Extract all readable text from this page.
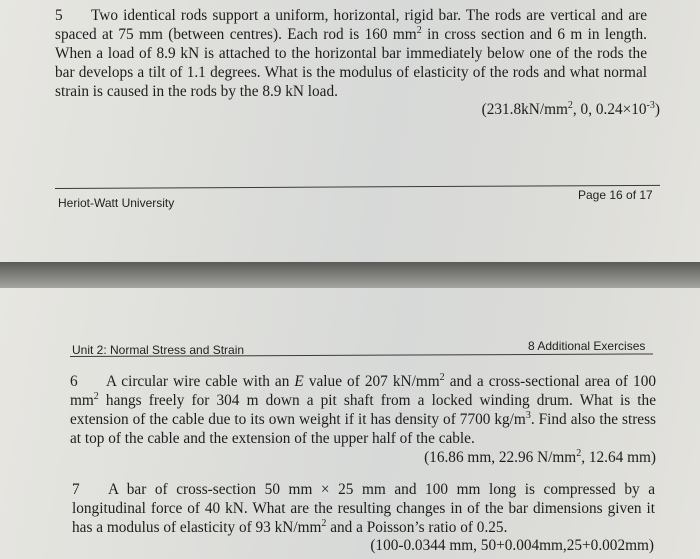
5 Two identical rods support a uniform, horizontal, rigid bar. The rods are vertical and are spaced at 75 mm (between centres). Each rod is 160 $mm^2$ in cross section and 6 m in length. When a load of 8.9 kN is attached to the horizontal bar immediately below one of the rods the bar develops a tilt of 1.1 degrees. What is the modulus of elasticity of the rods and what normal strain is caused in the rods by the 8.9 kN load.

($231.8kN/mm^2$, 0, $0.24\times 10^{-3}$)
Heriot-Watt University
Page 16 of 17
Unit 2: Normal Stress and Strain	8 Additional Exercises

6 A circular wire cable with an E value of 207 $kN/mm^2$ and a cross-sectional area of 100 $mm^2$ hangs freely for 304 m down a pit shaft from a locked winding drum. What is the extension of the cable due to its own weight if it has density of 7700 $kg/m^3$. Find also the stress at top of the cable and the extension of the upper half of the cable.

(16.86 mm, 22.96 $N/mm^2$, 12.64 mm)

7 A bar of cross-section 50 mm × 25 mm and 100 mm long is compressed by a longitudinal force of 40 kN. What are the resulting changes in of the bar dimensions given it has a modulus of elasticity of 93 $kN/mm^2$ and a Poisson’s ratio of 0.25.

(100-0.0344 mm, 50+0.004mm,25+0.002mm)
